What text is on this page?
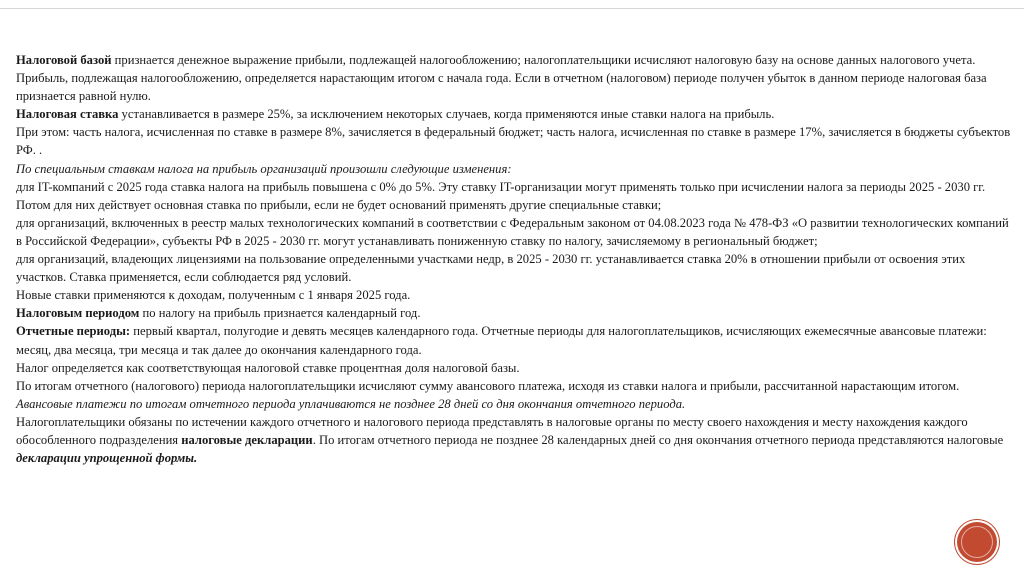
Налоговой базой признается денежное выражение прибыли, подлежащей налогообложению; налогоплательщики исчисляют налоговую базу на основе данных налогового учета.

Прибыль, подлежащая налогообложению, определяется нарастающим итогом с начала года. Если в отчетном (налоговом) периоде получен убыток в данном периоде налоговая база признается равной нулю.

Налоговая ставка устанавливается в размере 25%, за исключением некоторых случаев, когда применяются иные ставки налога на прибыль.

При этом: часть налога, исчисленная по ставке в размере 8%, зачисляется в федеральный бюджет; часть налога, исчисленная по ставке в размере 17%, зачисляется в бюджеты субъектов РФ. .

По специальным ставкам налога на прибыль организаций произошли следующие изменения:

для IT-компаний с 2025 года ставка налога на прибыль повышена с 0% до 5%. Эту ставку IT-организации могут применять только при исчислении налога за периоды 2025 - 2030 гг. Потом для них действует основная ставка по прибыли, если не будет оснований применять другие специальные ставки;

для организаций, включенных в реестр малых технологических компаний в соответствии с Федеральным законом от 04.08.2023 года № 478-ФЗ «О развитии технологических компаний в Российской Федерации», субъекты РФ в 2025 - 2030 гг. могут устанавливать пониженную ставку по налогу, зачисляемому в региональный бюджет;

для организаций, владеющих лицензиями на пользование определенными участками недр, в 2025 - 2030 гг. устанавливается ставка 20% в отношении прибыли от освоения этих участков. Ставка применяется, если соблюдается ряд условий.

Новые ставки применяются к доходам, полученным с 1 января 2025 года.

Налоговым периодом по налогу на прибыль признается календарный год.

Отчетные периоды: первый квартал, полугодие и девять месяцев календарного года. Отчетные периоды для налогоплательщиков, исчисляющих ежемесячные авансовые платежи: месяц, два месяца, три месяца и так далее до окончания календарного года.

Налог определяется как соответствующая налоговой ставке процентная доля налоговой базы.

По итогам отчетного (налогового) периода налогоплательщики исчисляют сумму авансового платежа, исходя из ставки налога и прибыли, рассчитанной нарастающим итогом.

Авансовые платежи по итогам отчетного периода уплачиваются не позднее 28 дней со дня окончания отчетного периода.

Налогоплательщики обязаны по истечении каждого отчетного и налогового периода представлять в налоговые органы по месту своего нахождения и месту нахождения каждого обособленного подразделения налоговые декларации. По итогам отчетного периода не позднее 28 календарных дней со дня окончания отчетного периода представляются налоговые декларации упрощенной формы.
